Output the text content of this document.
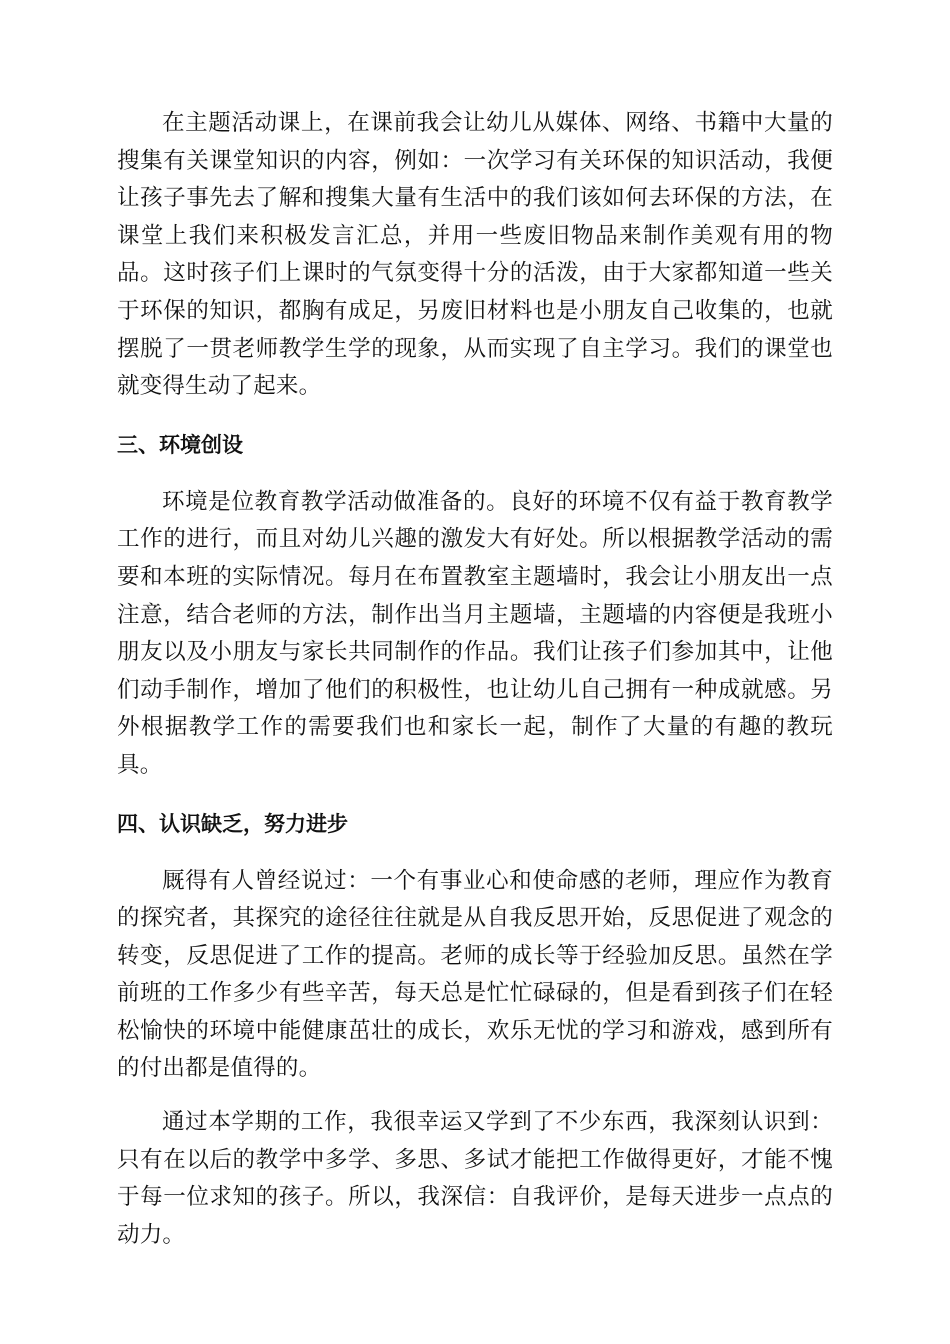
在主题活动课上，在课前我会让幼儿从媒体、网络、书籍中大量的搜集有关课堂知识的内容，例如：一次学习有关环保的知识活动，我便让孩子事先去了解和搜集大量有生活中的我们该如何去环保的方法，在课堂上我们来积极发言汇总，并用一些废旧物品来制作美观有用的物品。这时孩子们上课时的气氛变得十分的活泼，由于大家都知道一些关于环保的知识，都胸有成足，另废旧材料也是小朋友自己收集的，也就摆脱了一贯老师教学生学的现象，从而实现了自主学习。我们的课堂也就变得生动了起来。

三、环境创设

环境是位教育教学活动做准备的。良好的环境不仅有益于教育教学工作的进行，而且对幼儿兴趣的激发大有好处。所以根据教学活动的需要和本班的实际情况。每月在布置教室主题墙时，我会让小朋友出一点注意，结合老师的方法，制作出当月主题墙，主题墙的内容便是我班小朋友以及小朋友与家长共同制作的作品。我们让孩子们参加其中，让他们动手制作，增加了他们的积极性，也让幼儿自己拥有一种成就感。另外根据教学工作的需要我们也和家长一起，制作了大量的有趣的教玩具。

四、认识缺乏，努力进步

厩得有人曾经说过：一个有事业心和使命感的老师，理应作为教育的探究者，其探究的途径往往就是从自我反思开始，反思促进了观念的转变，反思促进了工作的提高。老师的成长等于经验加反思。虽然在学前班的工作多少有些辛苦，每天总是忙忙碌碌的，但是看到孩子们在轻松愉快的环境中能健康茁壮的成长，欢乐无忧的学习和游戏，感到所有的付出都是值得的。

通过本学期的工作，我很幸运又学到了不少东西，我深刻认识到：只有在以后的教学中多学、多思、多试才能把工作做得更好，才能不愧于每一位求知的孩子。所以，我深信：自我评价，是每天进步一点点的动力。
